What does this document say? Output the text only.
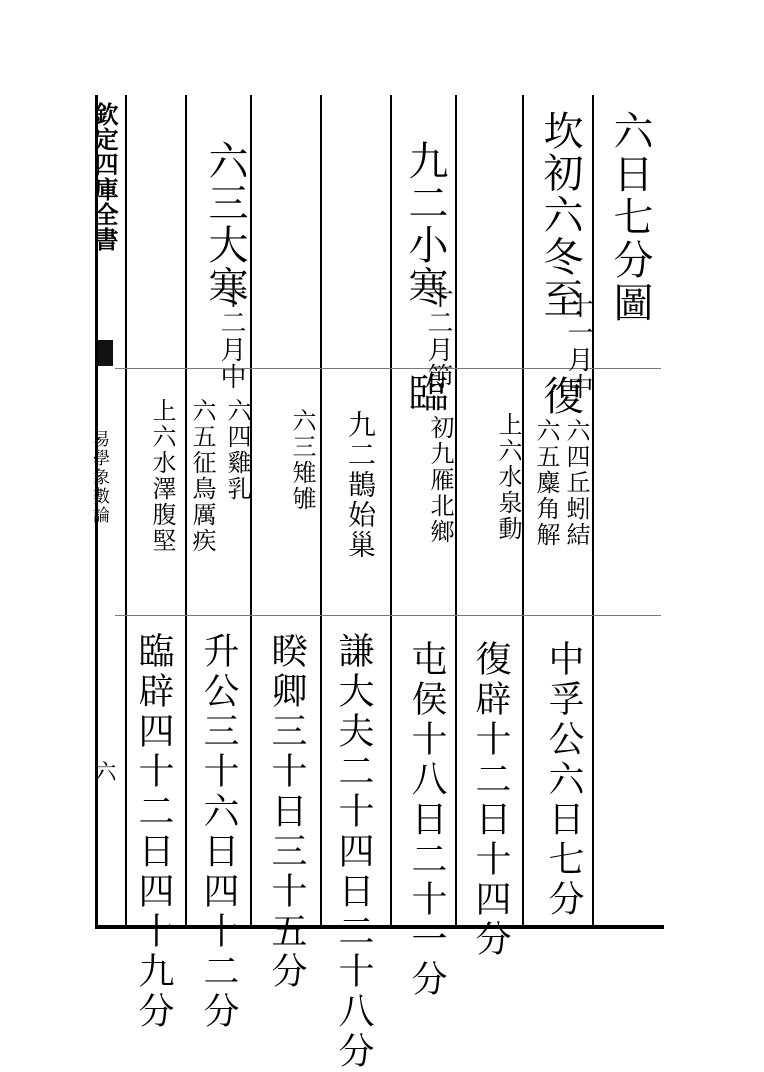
欽定四庫全書
易學象數論
六
六日七分圖
坎初六冬至
十一月中
復
六四丘蚓結
六五麋角解
上六水泉動
中孚公六日七分
復辟十二日十四分
九二小寒
十二月節
臨
初九雁北鄉
九二鵲始巢
六三雉雊
屯侯十八日二十一分
謙大夫二十四日二十八分
睽卿三十日三十五分
六三大寒
十二月中
六四雞乳
六五征鳥厲疾
上六水澤腹堅
升公三十六日四十二分
臨辟四十二日四十九分
